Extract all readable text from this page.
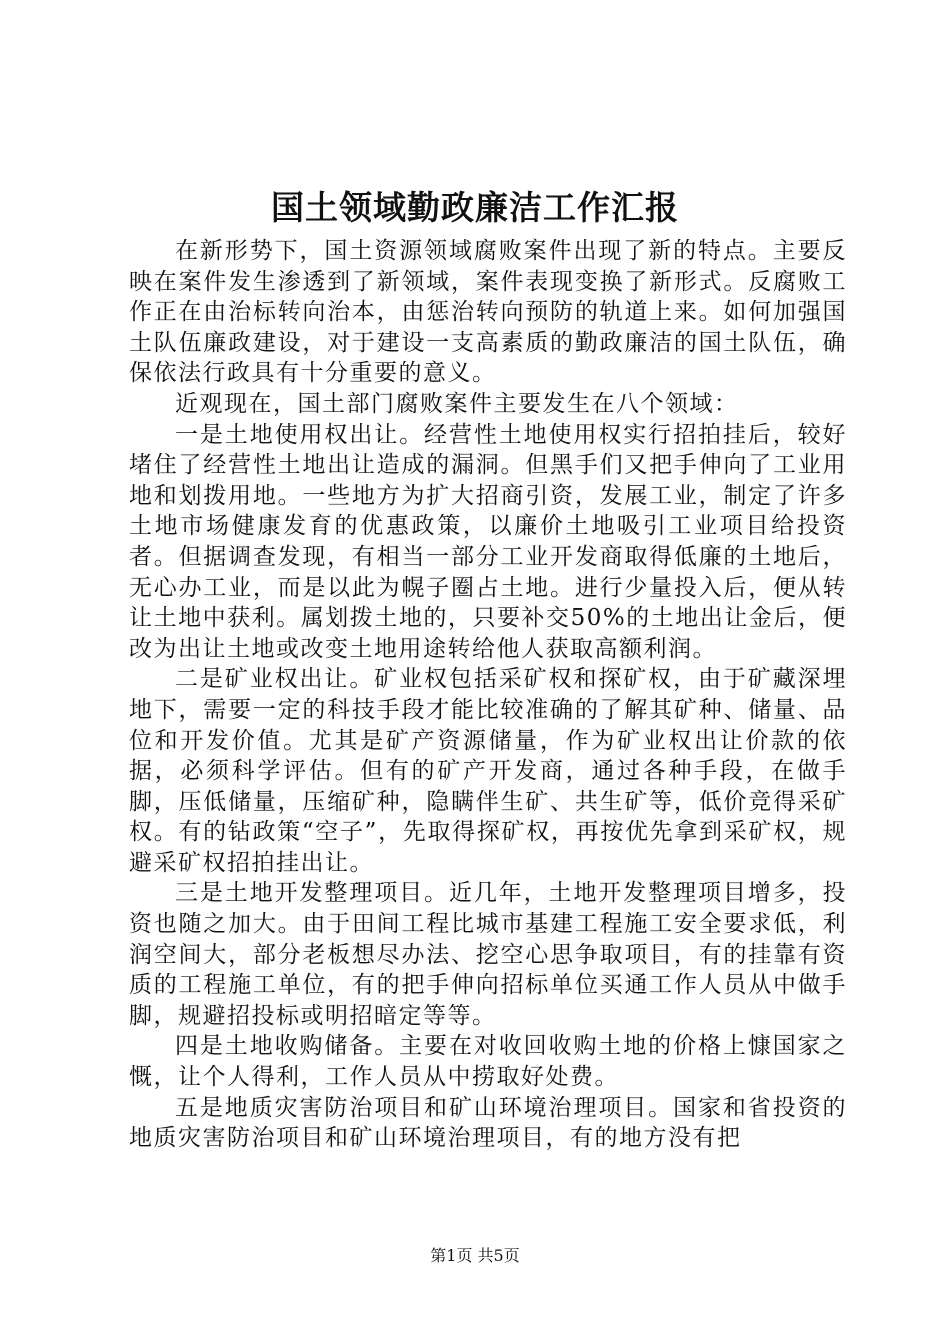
国土领域勤政廉洁工作汇报

在新形势下，国土资源领域腐败案件出现了新的特点。主要反映在案件发生渗透到了新领域，案件表现变换了新形式。反腐败工作正在由治标转向治本，由惩治转向预防的轨道上来。如何加强国土队伍廉政建设，对于建设一支高素质的勤政廉洁的国土队伍，确保依法行政具有十分重要的意义。

近观现在，国土部门腐败案件主要发生在八个领域：

一是土地使用权出让。经营性土地使用权实行招拍挂后，较好堵住了经营性土地出让造成的漏洞。但黑手们又把手伸向了工业用地和划拨用地。一些地方为扩大招商引资，发展工业，制定了许多土地市场健康发育的优惠政策，以廉价土地吸引工业项目给投资者。但据调查发现，有相当一部分工业开发商取得低廉的土地后，无心办工业，而是以此为幌子圈占土地。进行少量投入后，便从转让土地中获利。属划拨土地的，只要补交50%的土地出让金后，便改为出让土地或改变土地用途转给他人获取高额利润。

二是矿业权出让。矿业权包括采矿权和探矿权，由于矿藏深埋地下，需要一定的科技手段才能比较准确的了解其矿种、储量、品位和开发价值。尤其是矿产资源储量，作为矿业权出让价款的依据，必须科学评估。但有的矿产开发商，通过各种手段，在做手脚，压低储量，压缩矿种，隐瞒伴生矿、共生矿等，低价竞得采矿权。有的钻政策“空子”，先取得探矿权，再按优先拿到采矿权，规避采矿权招拍挂出让。

三是土地开发整理项目。近几年，土地开发整理项目增多，投资也随之加大。由于田间工程比城市基建工程施工安全要求低，利润空间大，部分老板想尽办法、挖空心思争取项目，有的挂靠有资质的工程施工单位，有的把手伸向招标单位买通工作人员从中做手脚，规避招投标或明招暗定等等。

四是土地收购储备。主要在对收回收购土地的价格上慷国家之慨，让个人得利，工作人员从中捞取好处费。

五是地质灾害防治项目和矿山环境治理项目。国家和省投资的地质灾害防治项目和矿山环境治理项目，有的地方没有把

第1页 共5页
